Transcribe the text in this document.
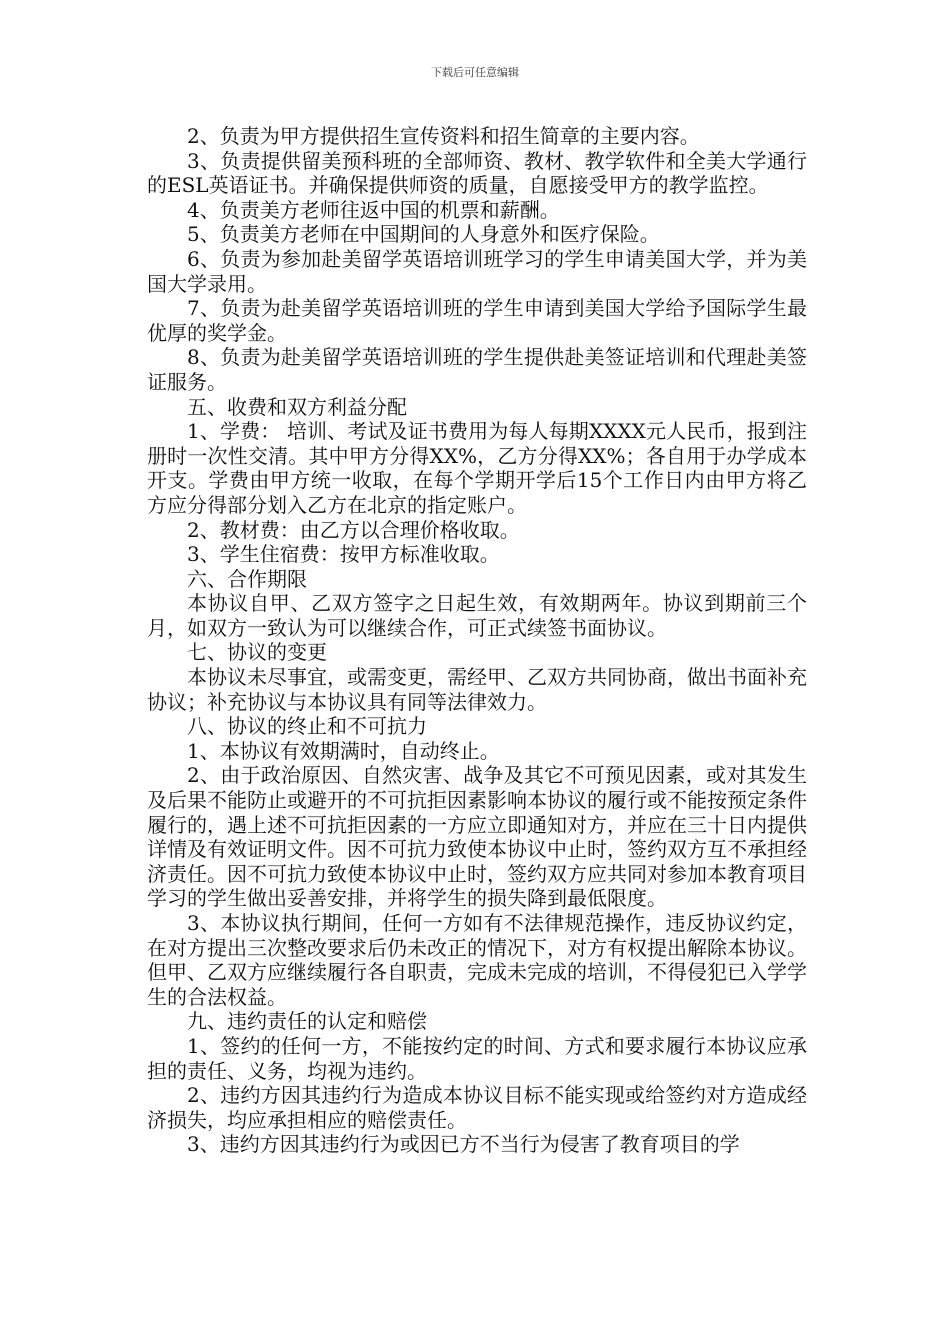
下载后可任意编辑

2、负责为甲方提供招生宣传资料和招生简章的主要内容。

3、负责提供留美预科班的全部师资、教材、教学软件和全美大学通行的ESL英语证书。并确保提供师资的质量，自愿接受甲方的教学监控。

4、负责美方老师往返中国的机票和薪酬。

5、负责美方老师在中国期间的人身意外和医疗保险。

6、负责为参加赴美留学英语培训班学习的学生申请美国大学，并为美国大学录用。

7、负责为赴美留学英语培训班的学生申请到美国大学给予国际学生最优厚的奖学金。

8、负责为赴美留学英语培训班的学生提供赴美签证培训和代理赴美签证服务。

五、收费和双方利益分配

1、学费： 培训、考试及证书费用为每人每期XXXX元人民币，报到注册时一次性交清。其中甲方分得XX%，乙方分得XX%；各自用于办学成本开支。学费由甲方统一收取，在每个学期开学后15个工作日内由甲方将乙方应分得部分划入乙方在北京的指定账户。

2、教材费：由乙方以合理价格收取。

3、学生住宿费：按甲方标准收取。

六、合作期限

本协议自甲、乙双方签字之日起生效，有效期两年。协议到期前三个月，如双方一致认为可以继续合作，可正式续签书面协议。

七、协议的变更

本协议未尽事宜，或需变更，需经甲、乙双方共同协商，做出书面补充协议；补充协议与本协议具有同等法律效力。

八、协议的终止和不可抗力

1、本协议有效期满时，自动终止。

2、由于政治原因、自然灾害、战争及其它不可预见因素，或对其发生及后果不能防止或避开的不可抗拒因素影响本协议的履行或不能按预定条件履行的，遇上述不可抗拒因素的一方应立即通知对方，并应在三十日内提供详情及有效证明文件。因不可抗力致使本协议中止时，签约双方互不承担经济责任。因不可抗力致使本协议中止时，签约双方应共同对参加本教育项目学习的学生做出妥善安排，并将学生的损失降到最低限度。

3、本协议执行期间，任何一方如有不法律规范操作，违反协议约定，在对方提出三次整改要求后仍未改正的情况下，对方有权提出解除本协议。但甲、乙双方应继续履行各自职责，完成未完成的培训，不得侵犯已入学学生的合法权益。

九、违约责任的认定和赔偿

1、签约的任何一方，不能按约定的时间、方式和要求履行本协议应承担的责任、义务，均视为违约。

2、违约方因其违约行为造成本协议目标不能实现或给签约对方造成经济损失，均应承担相应的赔偿责任。

3、违约方因其违约行为或因已方不当行为侵害了教育项目的学
